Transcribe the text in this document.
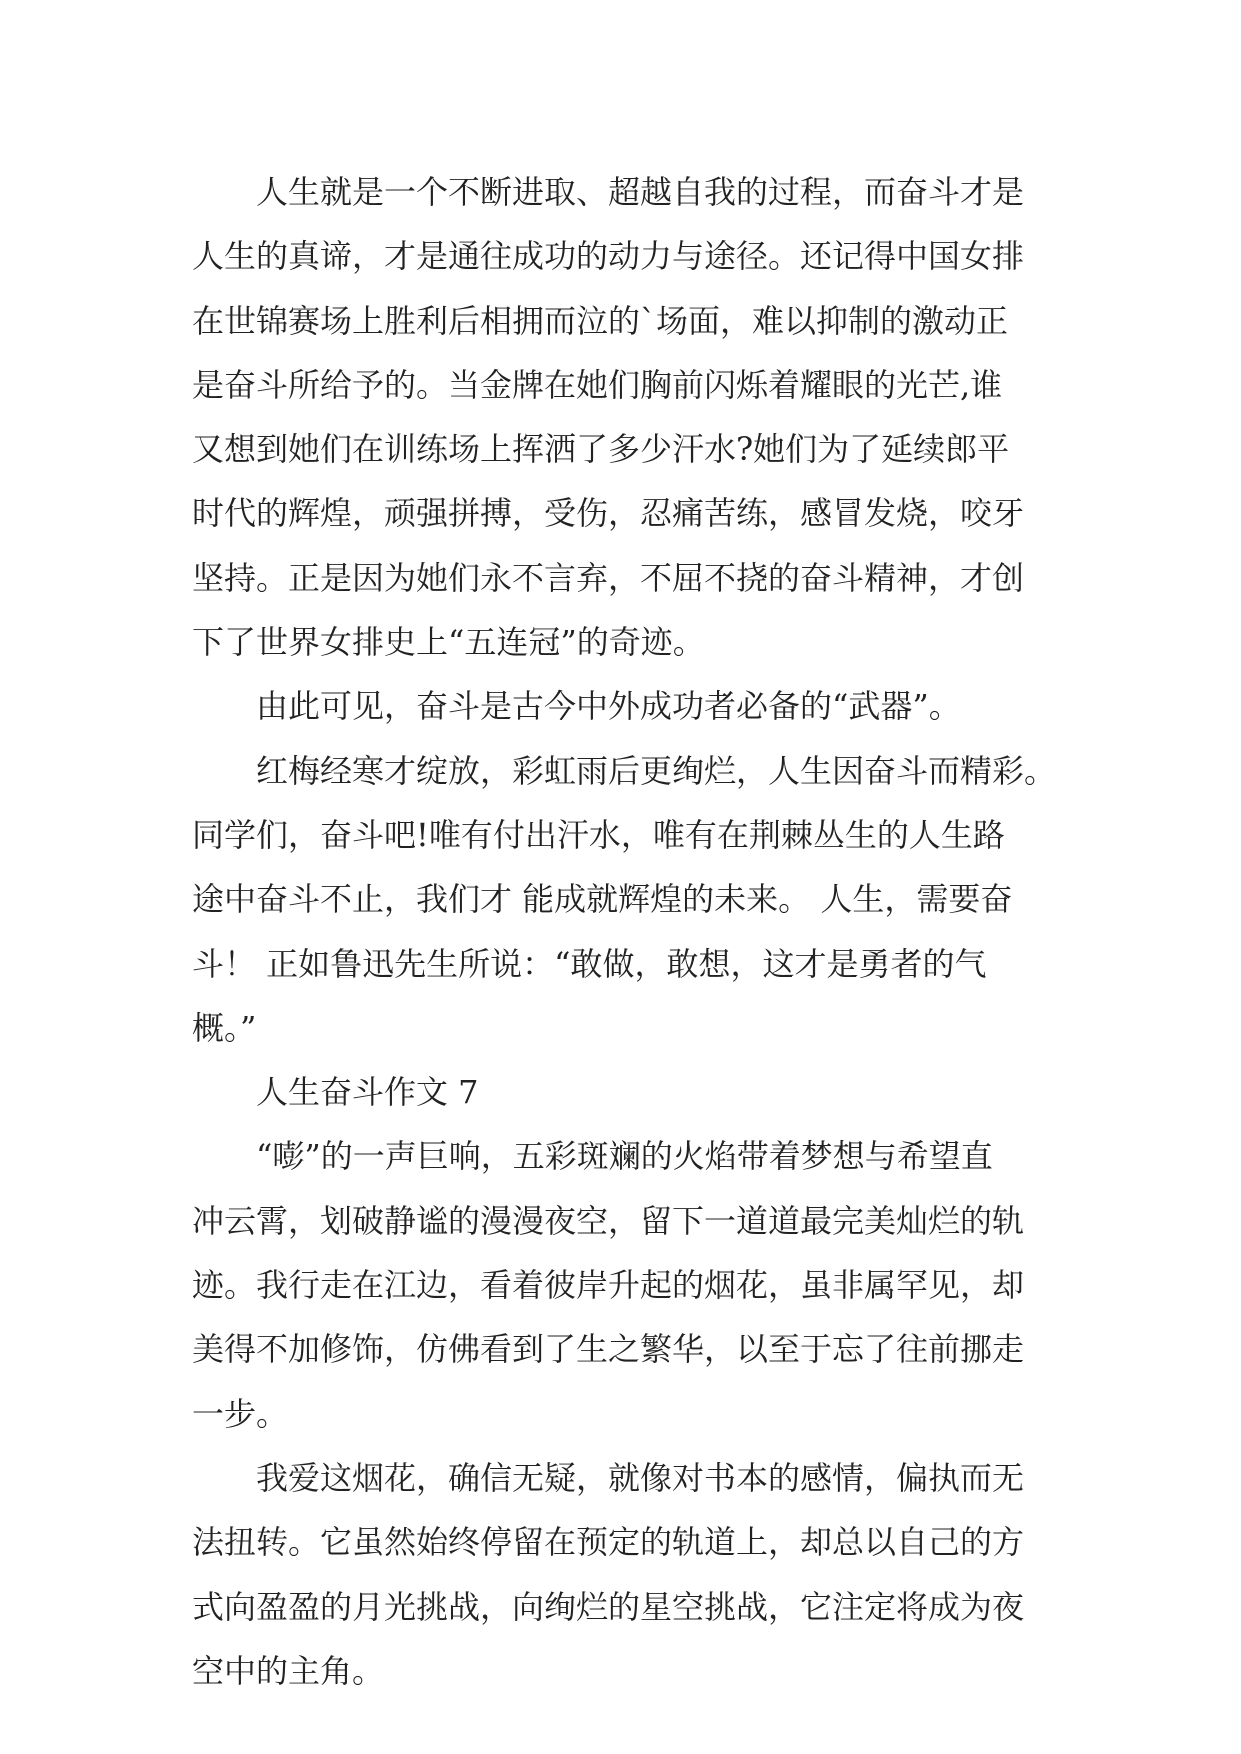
　　人生就是一个不断进取、超越自我的过程，而奋斗才是
人生的真谛，才是通往成功的动力与途径。还记得中国女排
在世锦赛场上胜利后相拥而泣的`场面，难以抑制的激动正
是奋斗所给予的。当金牌在她们胸前闪烁着耀眼的光芒,谁
又想到她们在训练场上挥洒了多少汗水?她们为了延续郎平
时代的辉煌，顽强拼搏，受伤，忍痛苦练，感冒发烧，咬牙
坚持。正是因为她们永不言弃，不屈不挠的奋斗精神，才创
下了世界女排史上“五连冠”的奇迹。
　　由此可见，奋斗是古今中外成功者必备的“武器”。
　　红梅经寒才绽放，彩虹雨后更绚烂，人生因奋斗而精彩。
同学们，奋斗吧!唯有付出汗水，唯有在荆棘丛生的人生路
途中奋斗不止，我们才 能成就辉煌的未来。 人生，需要奋
斗！ 正如鲁迅先生所说：“敢做，敢想，这才是勇者的气
概。”
　　人生奋斗作文 7
　　“嘭”的一声巨响，五彩斑斓的火焰带着梦想与希望直
冲云霄，划破静谧的漫漫夜空，留下一道道最完美灿烂的轨
迹。我行走在江边，看着彼岸升起的烟花，虽非属罕见，却
美得不加修饰，仿佛看到了生之繁华，以至于忘了往前挪走
一步。
　　我爱这烟花，确信无疑，就像对书本的感情，偏执而无
法扭转。它虽然始终停留在预定的轨道上，却总以自己的方
式向盈盈的月光挑战，向绚烂的星空挑战，它注定将成为夜
空中的主角。
